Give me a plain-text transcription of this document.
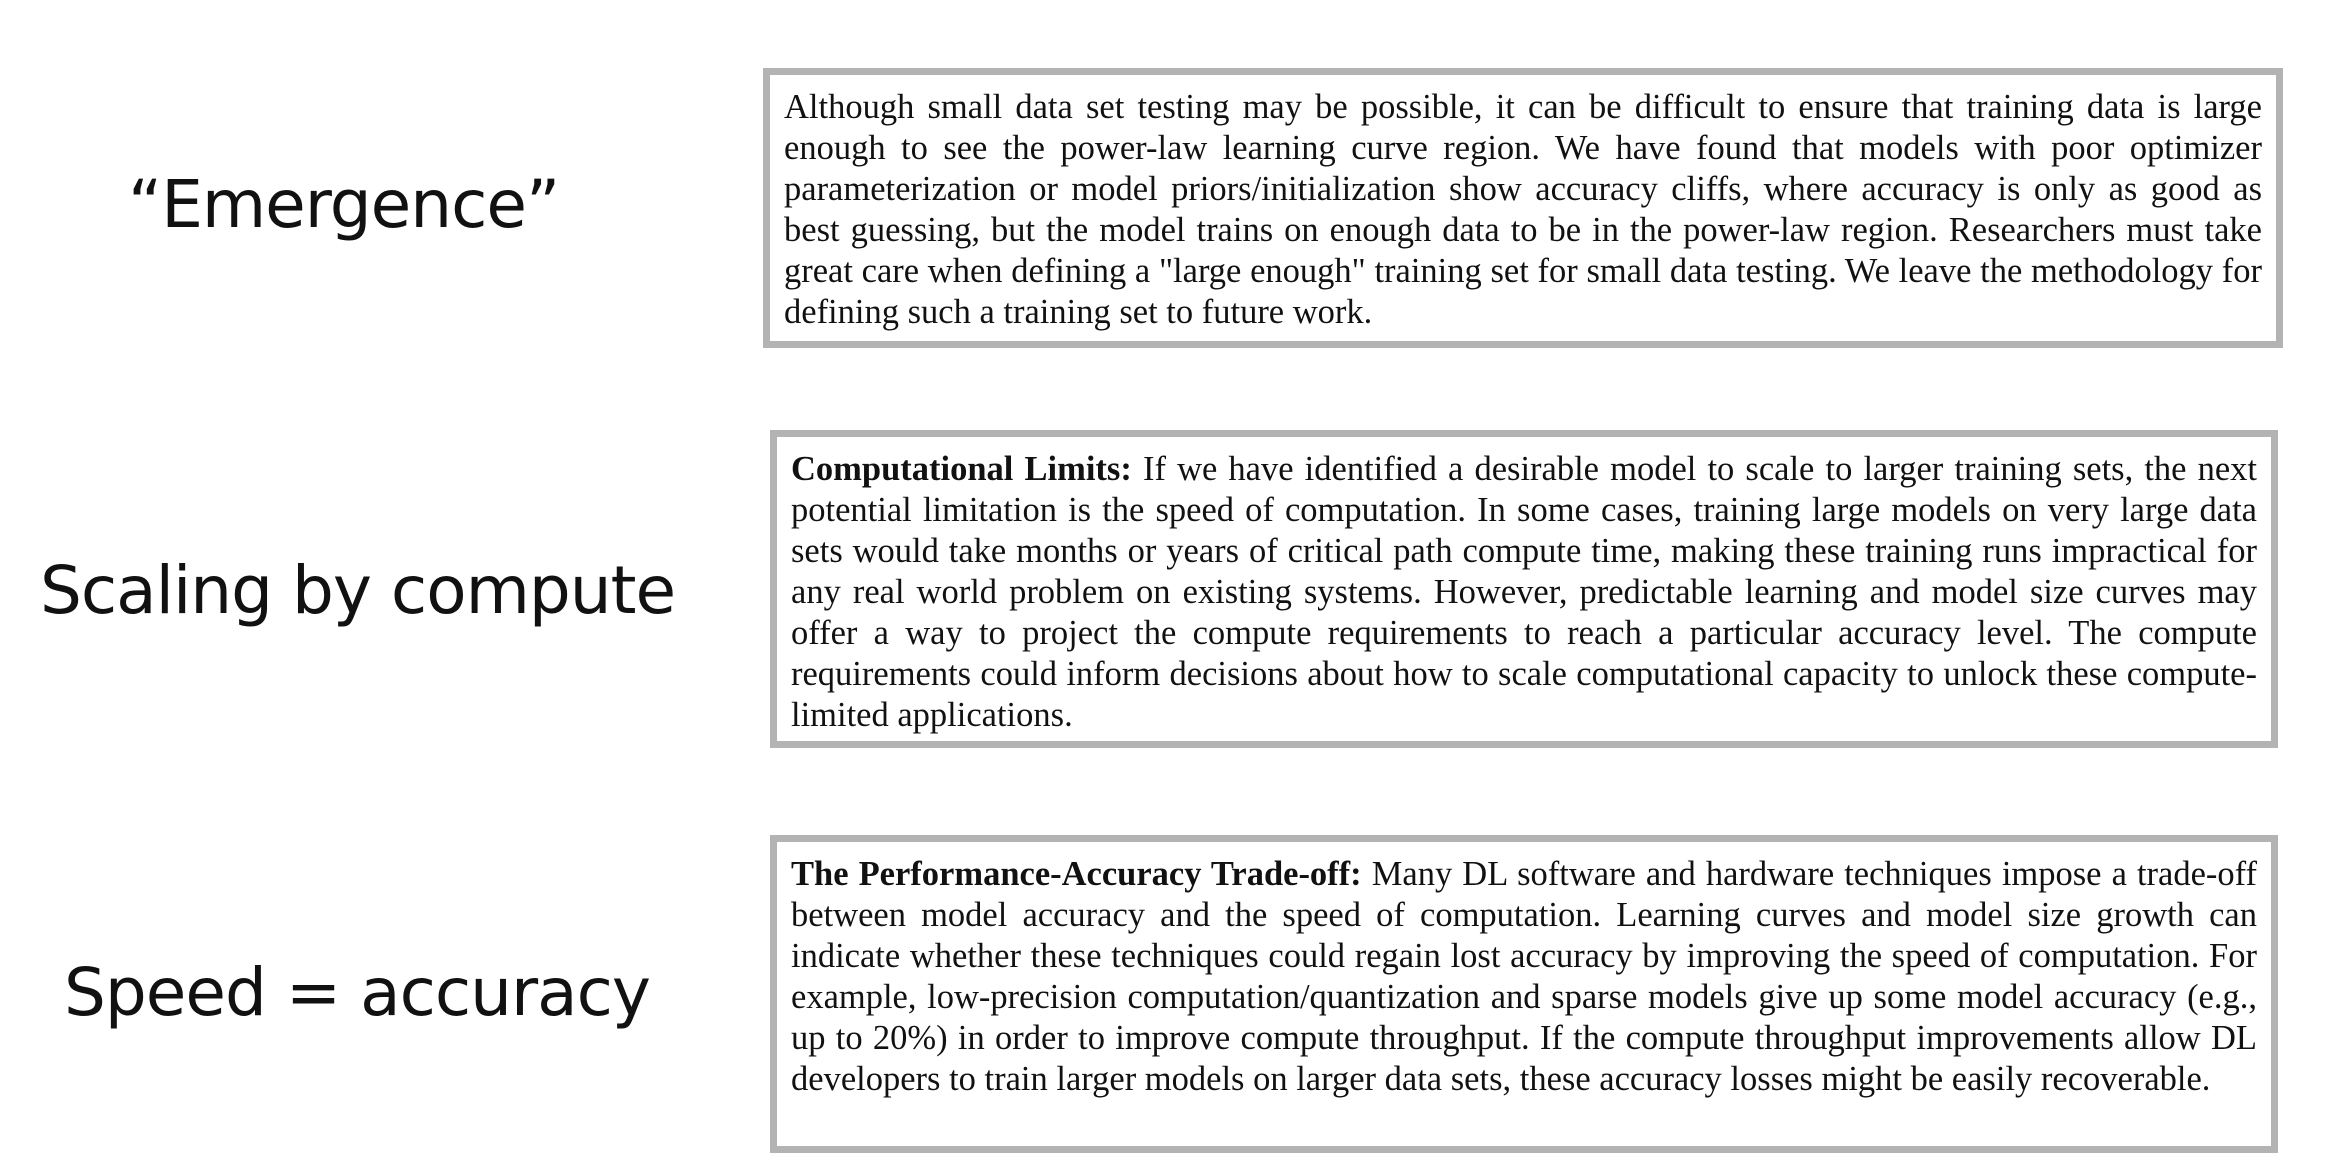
“Emergence”
Although small data set testing may be possible, it can be difficult to ensure that training data is large enough to see the power-law learning curve region. We have found that models with poor optimizer parameterization or model priors/initialization show accuracy cliffs, where accuracy is only as good as best guessing, but the model trains on enough data to be in the power-law region. Researchers must take great care when defining a "large enough" training set for small data testing. We leave the methodology for defining such a training set to future work.
Scaling by compute
Computational Limits: If we have identified a desirable model to scale to larger training sets, the next potential limitation is the speed of computation. In some cases, training large models on very large data sets would take months or years of critical path compute time, making these training runs impractical for any real world problem on existing systems. However, predictable learning and model size curves may offer a way to project the compute requirements to reach a particular accuracy level. The compute requirements could inform decisions about how to scale computational capacity to unlock these compute-limited applications.
Speed = accuracy
The Performance-Accuracy Trade-off: Many DL software and hardware techniques impose a trade-off between model accuracy and the speed of computation. Learning curves and model size growth can indicate whether these techniques could regain lost accuracy by improving the speed of computation. For example, low-precision computation/quantization and sparse models give up some model accuracy (e.g., up to 20%) in order to improve compute throughput. If the compute throughput improvements allow DL developers to train larger models on larger data sets, these accuracy losses might be easily recoverable.
